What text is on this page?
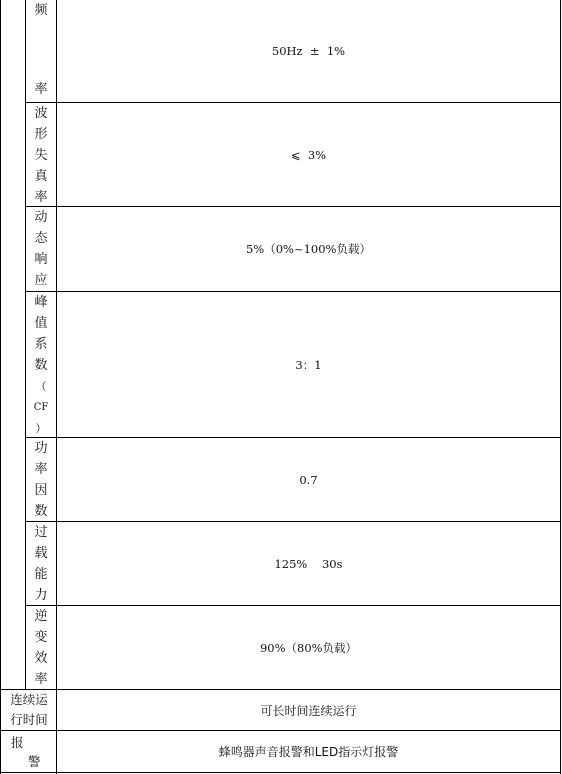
频
率
50Hz  ±  1%
波
形
失
真
率
⩽  3%
动
态
响
应
5%（0%~100%负载）
峰
值
系
数
（
CF
）
3：1
功
率
因
数
0.7
过
载
能
力
125%    30s
逆
变
效
率
90%（80%负载）
连续运
行时间
可长时间连续运行
报
警
蜂鸣器声音报警和LED指示灯报警
